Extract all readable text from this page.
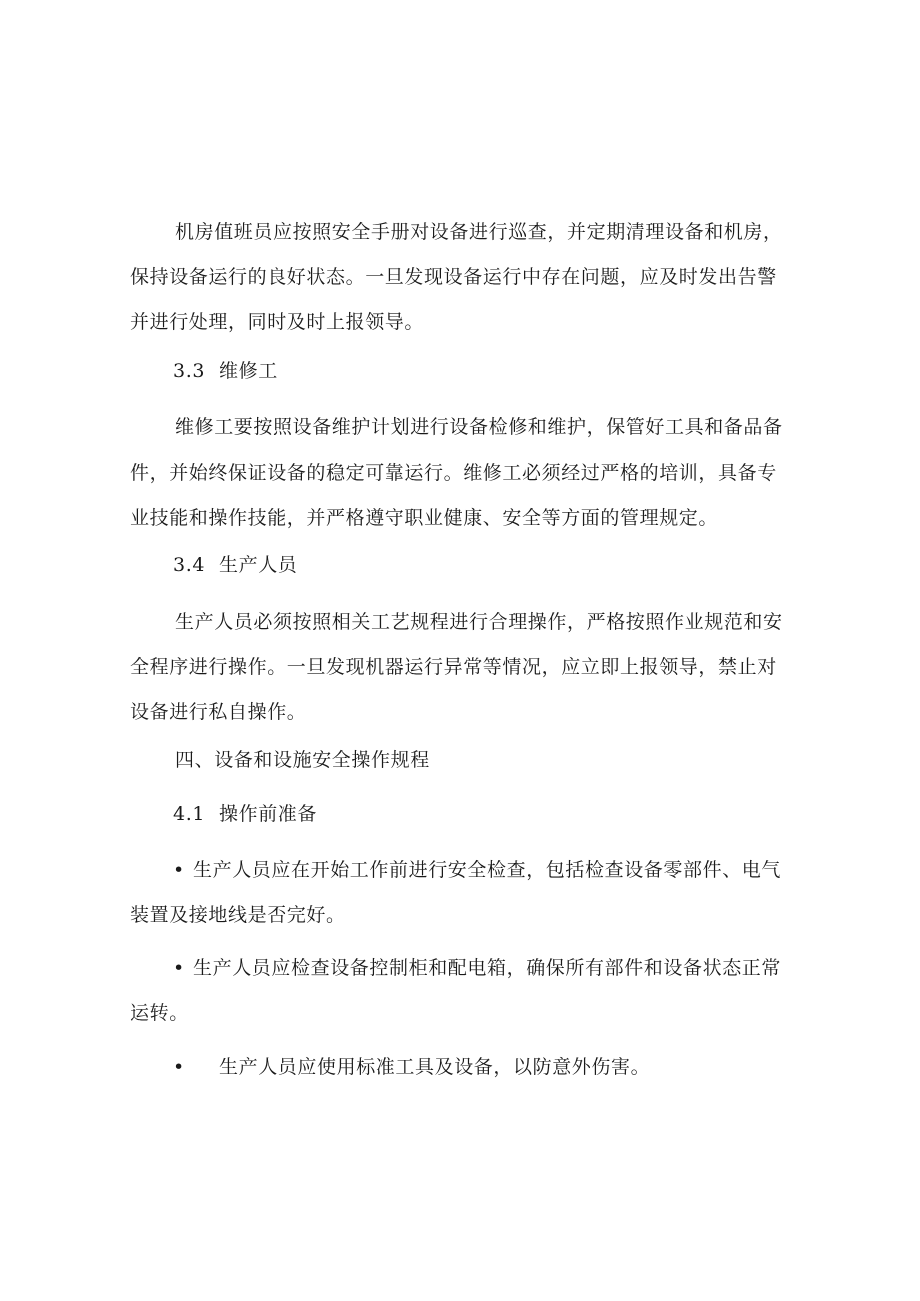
机房值班员应按照安全手册对设备进行巡查，并定期清理设备和机房，
保持设备运行的良好状态。一旦发现设备运行中存在问题，应及时发出告警
并进行处理，同时及时上报领导。
3.3 维修工
维修工要按照设备维护计划进行设备检修和维护，保管好工具和备品备
件，并始终保证设备的稳定可靠运行。维修工必须经过严格的培训，具备专
业技能和操作技能，并严格遵守职业健康、安全等方面的管理规定。
3.4 生产人员
生产人员必须按照相关工艺规程进行合理操作，严格按照作业规范和安
全程序进行操作。一旦发现机器运行异常等情况，应立即上报领导，禁止对
设备进行私自操作。
四、设备和设施安全操作规程
4.1 操作前准备
• 生产人员应在开始工作前进行安全检查，包括检查设备零部件、电气
装置及接地线是否完好。
• 生产人员应检查设备控制柜和配电箱，确保所有部件和设备状态正常
运转。
• 生产人员应使用标准工具及设备，以防意外伤害。
